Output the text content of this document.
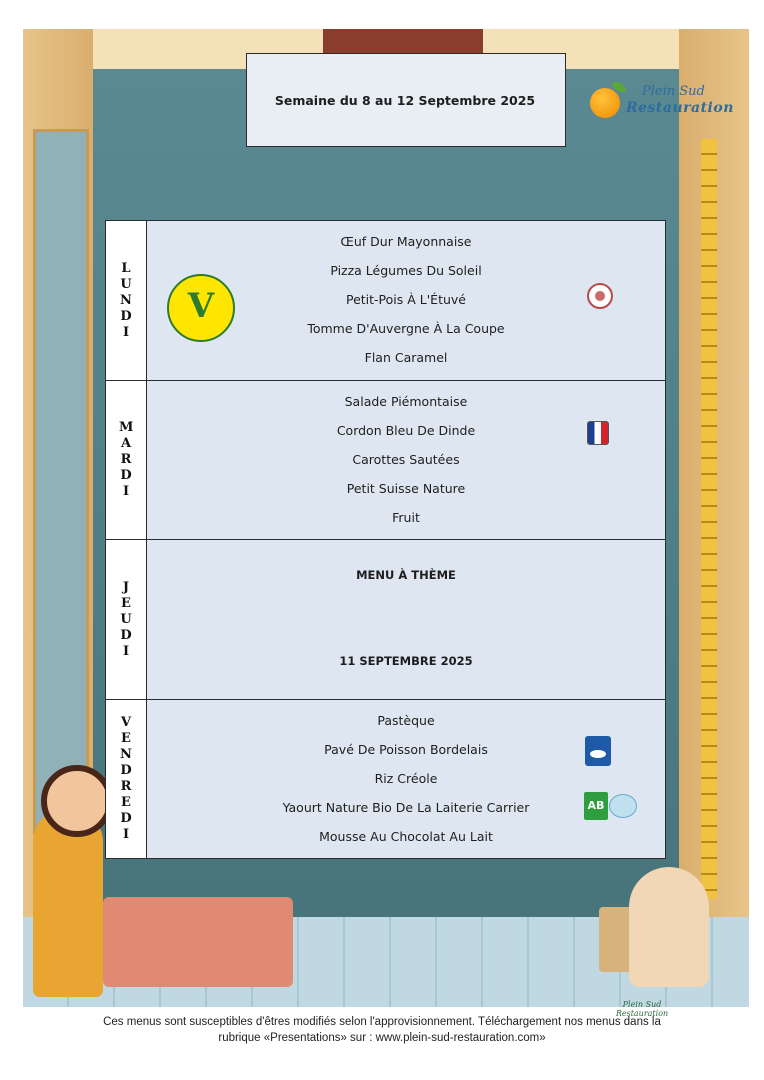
Plein Sud Restauration
Semaine du 8 au 12 Septembre 2025
Plein Sud
Restauration
LUNDI
Œuf Dur Mayonnaise
Pizza Légumes Du Soleil
Petit-Pois À L'Étuvé
Tomme D'Auvergne À La Coupe
Flan Caramel
V
MARDI
Salade Piémontaise
Cordon Bleu De Dinde
Carottes Sautées
Petit Suisse Nature
Fruit
JEUDI
MENU À THÈME
11 SEPTEMBRE 2025
VENDREDI
Pastèque
Pavé De Poisson Bordelais
Riz Créole
Yaourt Nature Bio De La Laiterie Carrier
Mousse Au Chocolat Au Lait
AB
Ces menus sont susceptibles d'êtres modifiés selon l'approvisionnement. Téléchargement nos menus dans la
rubrique «Presentations» sur : www.plein-sud-restauration.com»
